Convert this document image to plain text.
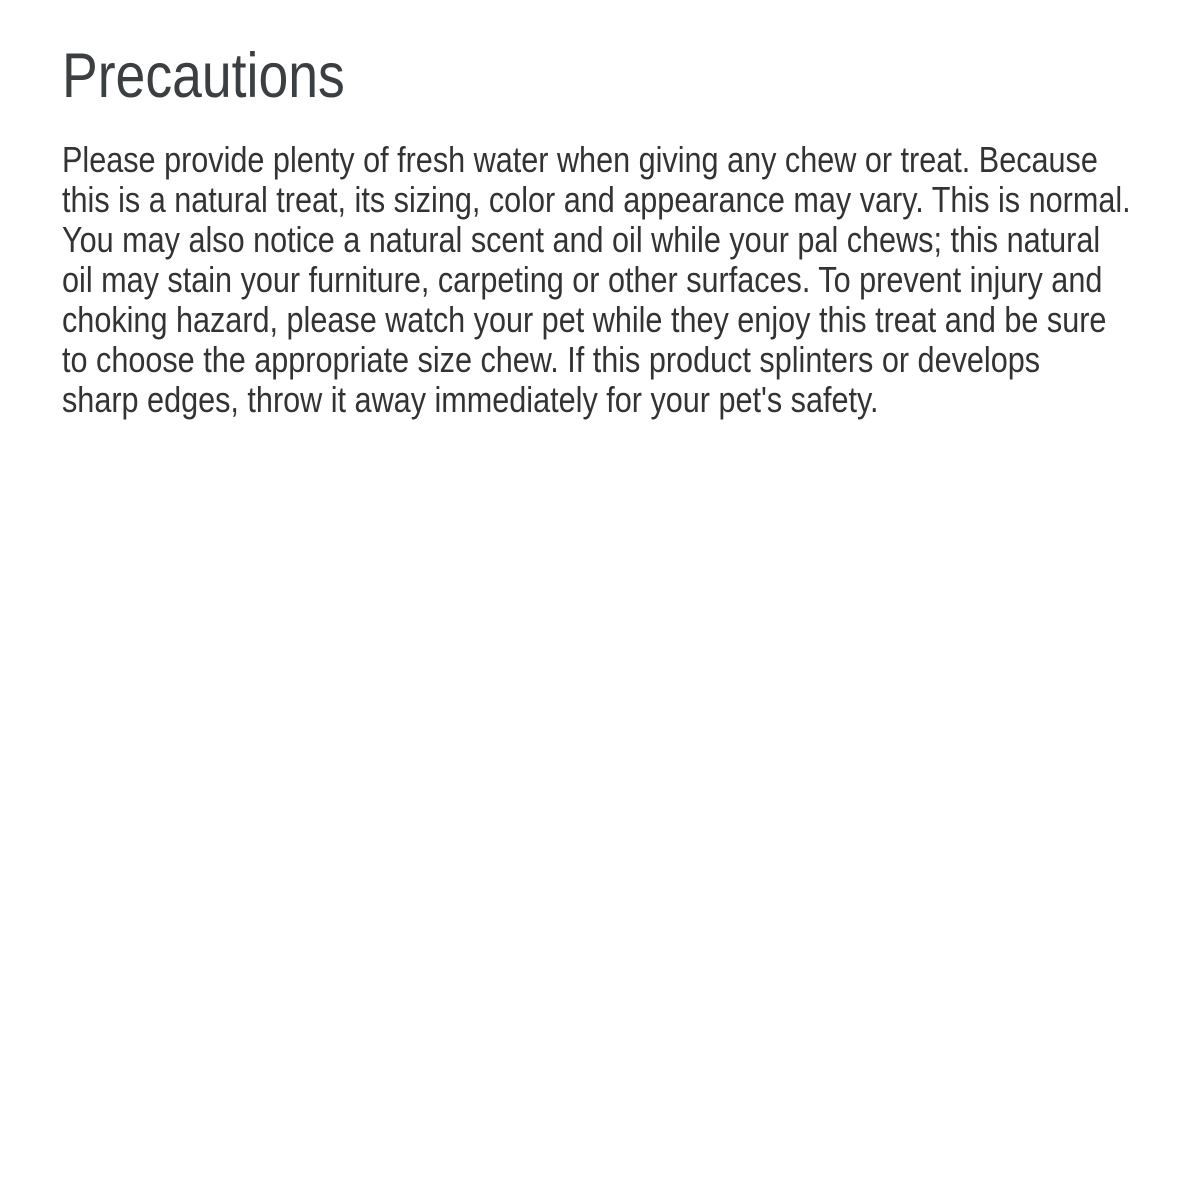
Precautions
Please provide plenty of fresh water when giving any chew or treat. Because
this is a natural treat, its sizing, color and appearance may vary. This is normal.
You may also notice a natural scent and oil while your pal chews; this natural
oil may stain your furniture, carpeting or other surfaces. To prevent injury and
choking hazard, please watch your pet while they enjoy this treat and be sure
to choose the appropriate size chew. If this product splinters or develops
sharp edges, throw it away immediately for your pet's safety.
